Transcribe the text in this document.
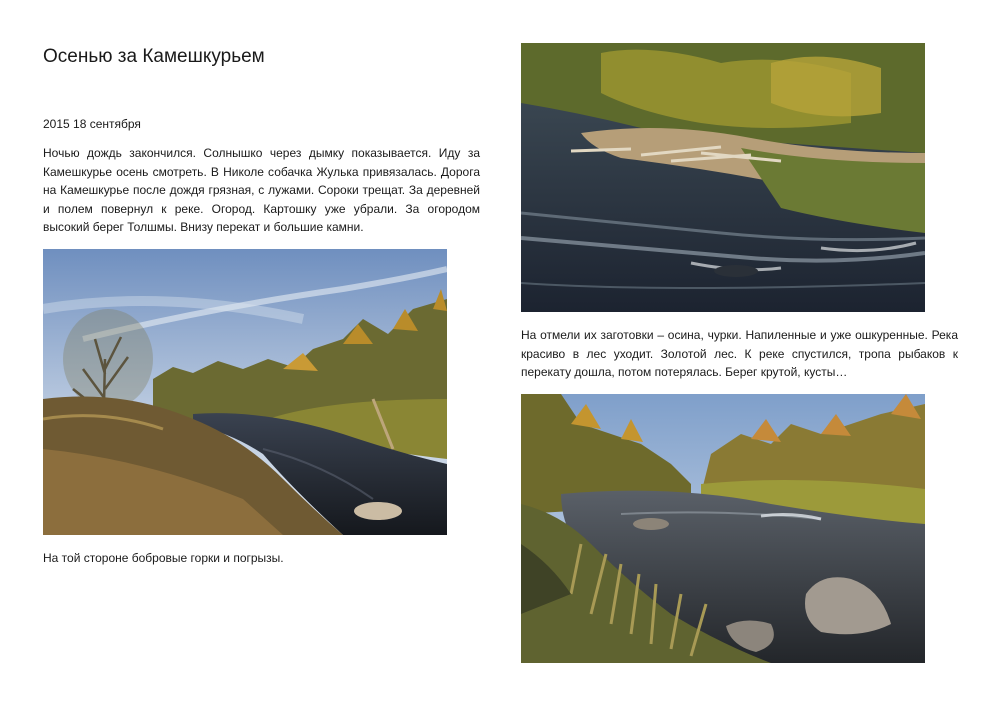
Осенью за Камешкурьем
2015 18 сентября

Ночью дождь закончился. Солнышко через дымку показывается. Иду за Камешкурье осень смотреть. В Николе собачка Жулька привязалась. Дорога на Камешкурье после дождя грязная, с лужами. Сороки трещат. За деревней и полем повернул к реке. Огород. Картошку уже убрали. За огородом высокий берег Толшмы. Внизу перекат и большие камни.

На той стороне бобровые горки и погрызы.

На отмели их заготовки – осина, чурки. Напиленные и уже ошкуренные. Река красиво в лес уходит. Золотой лес. К реке спустился, тропа рыбаков к перекату дошла, потом потерялась. Берег крутой, кусты…
